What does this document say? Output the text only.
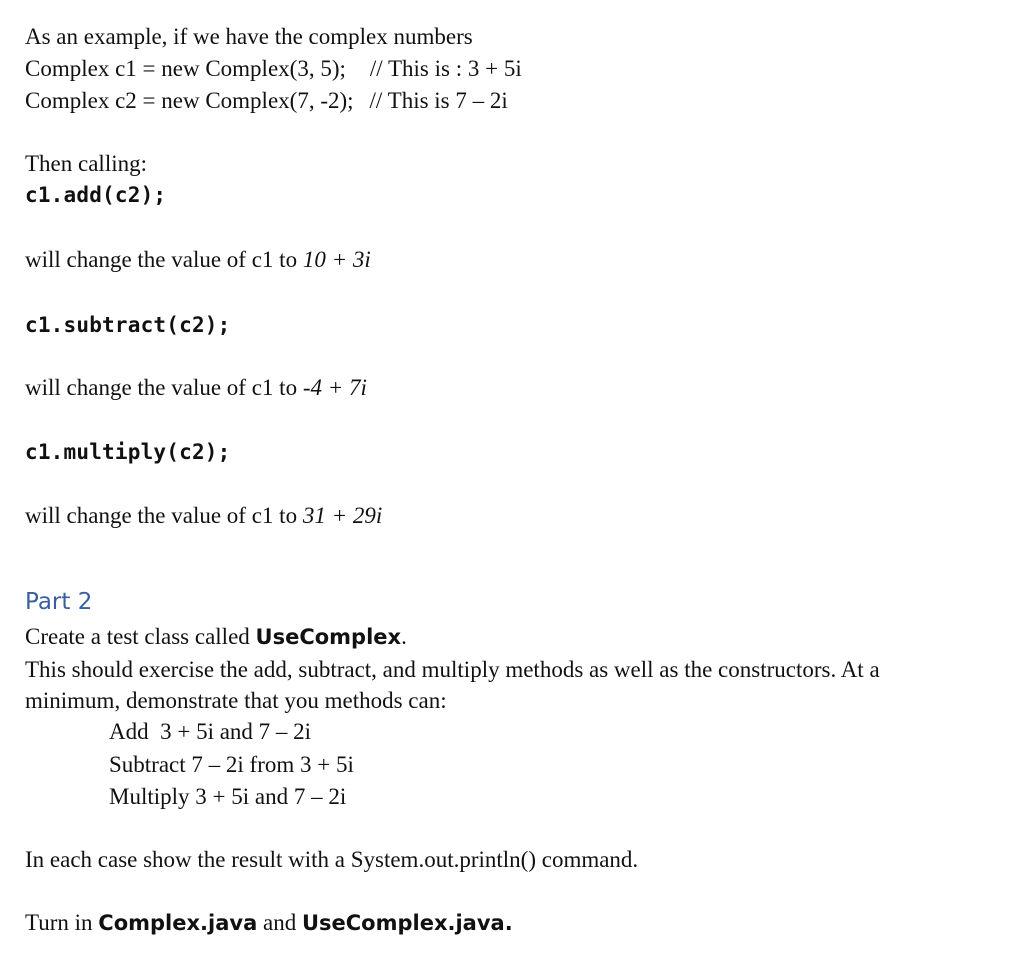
As an example, if we have the complex numbers
Complex c1 = new Complex(3, 5); // This is : 3 + 5i
Complex c2 = new Complex(7, -2); // This is 7 – 2i
Then calling:
c1.add(c2);
will change the value of c1 to 10 + 3i
c1.subtract(c2);
will change the value of c1 to -4 + 7i
c1.multiply(c2);
will change the value of c1 to 31 + 29i
Part 2
Create a test class called UseComplex.
This should exercise the add, subtract, and multiply methods as well as the constructors. At a
minimum, demonstrate that you methods can:
Add  3 + 5i and 7 – 2i
Subtract 7 – 2i from 3 + 5i
Multiply 3 + 5i and 7 – 2i
In each case show the result with a System.out.println() command.
Turn in Complex.java and UseComplex.java.
